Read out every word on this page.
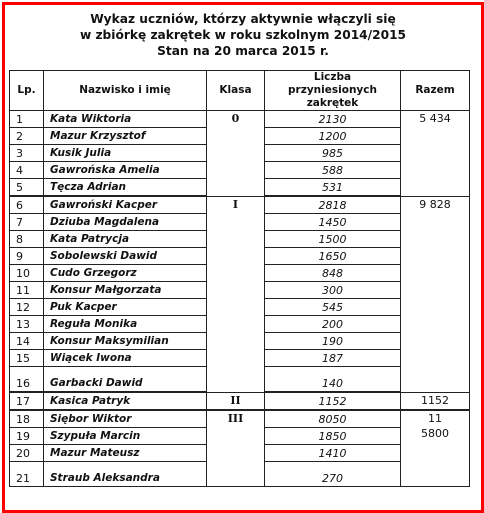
Wykaz uczniów, którzy aktywnie włączyli się
w zbiórkę zakrętek w roku szkolnym 2014/2015
Stan na 20 marca 2015 r.
Lp.	Nazwisko i imię	Klasa	Liczba przyniesionych zakrętek	Razem
1	Kata Wiktoria	0	2130	5 434
2	Mazur Krzysztof		1200	
3	Kusik Julia		985	
4	Gawrońska Amelia		588	
5	Tęcza Adrian		531	
6	Gawroński Kacper	I	2818	9 828
7	Dziuba Magdalena		1450	
8	Kata Patrycja		1500	
9	Sobolewski Dawid		1650	
10	Cudo Grzegorz		848	
11	Konsur Małgorzata		300	
12	Puk Kacper		545	
13	Reguła Monika		200	
14	Konsur Maksymilian		190	
15	Wiącek Iwona		187	
16	Garbacki Dawid		140	
17	Kasica Patryk	II	1152	1152
18	Siębor Wiktor	III	8050	11
5800

19	Szypuła Marcin		1850	
20	Mazur Mateusz		1410	
21	Straub Aleksandra		270	
